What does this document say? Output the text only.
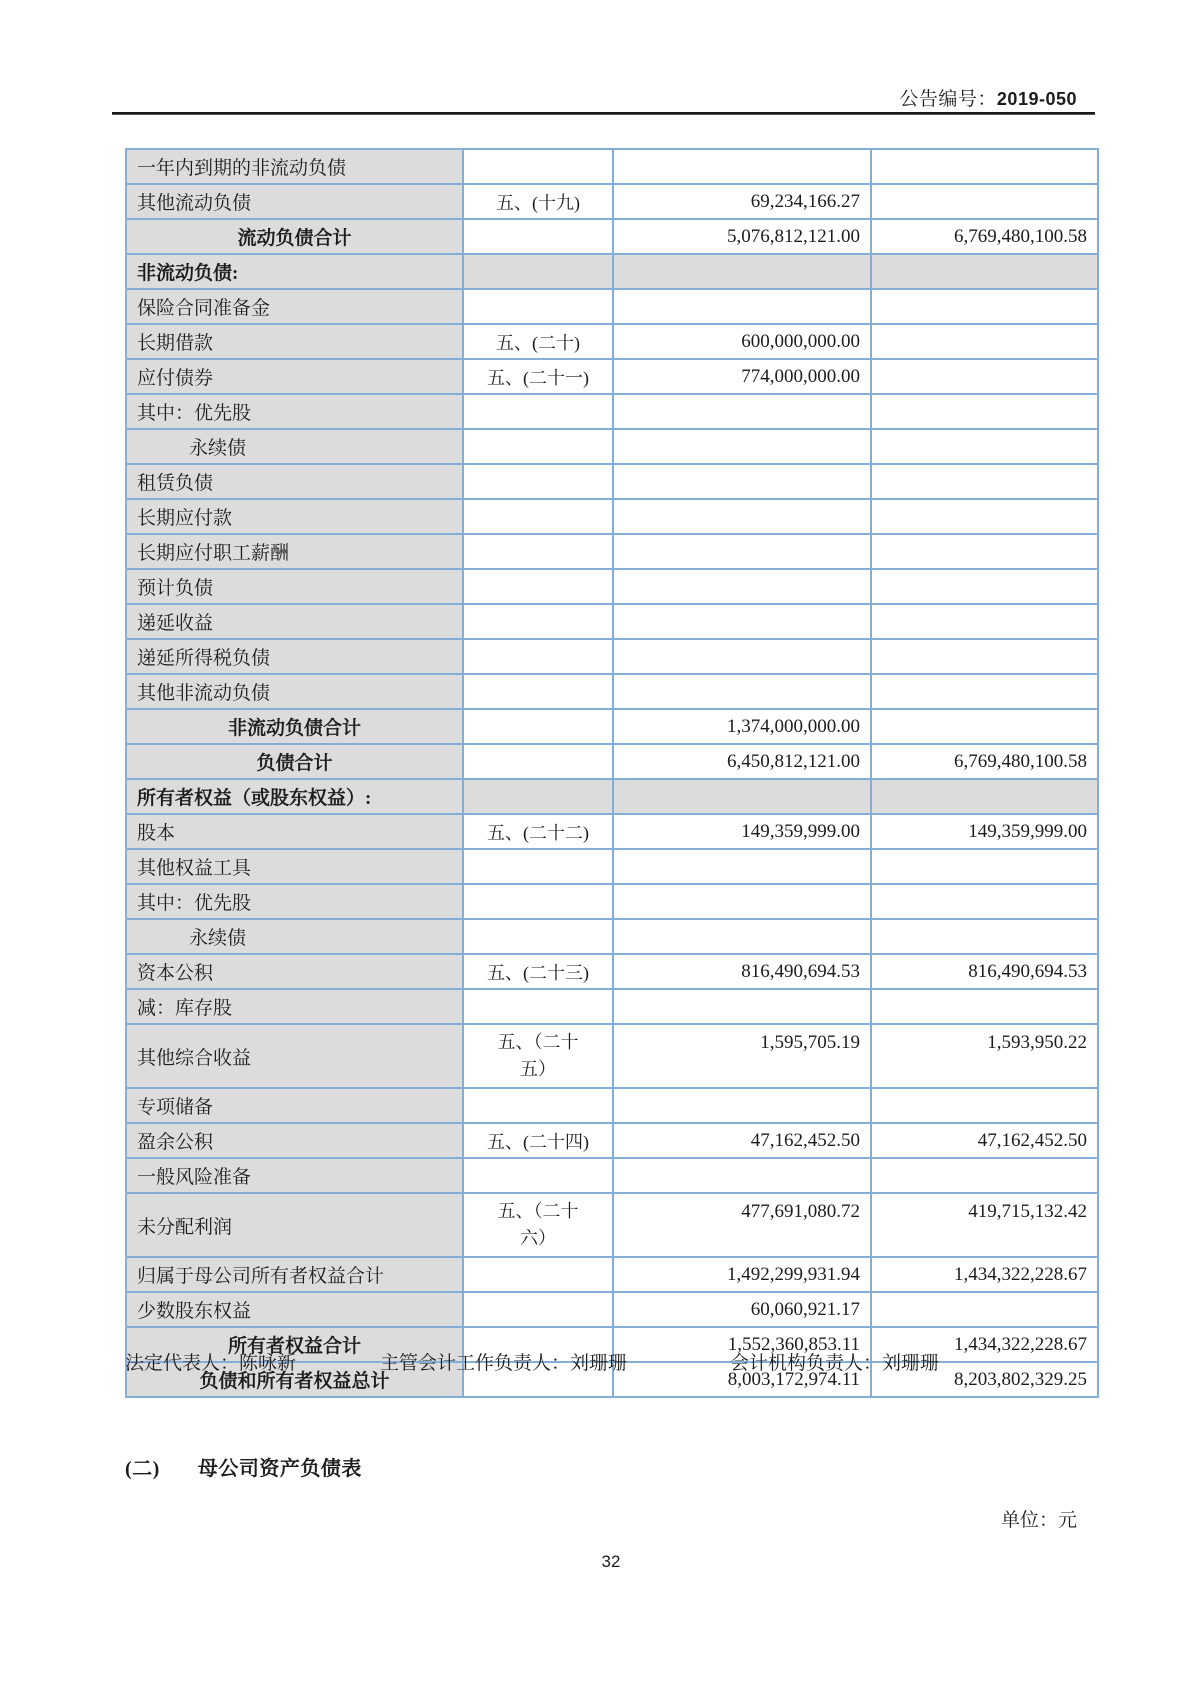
公告编号：2019-050
一年内到期的非流动负债			
其他流动负债	五、(十九)	69,234,166.27	
流动负债合计		5,076,812,121.00	6,769,480,100.58
非流动负债:			
保险合同准备金			
长期借款	五、(二十)	600,000,000.00	
应付债券	五、(二十一)	774,000,000.00	
其中：优先股			
永续债			
租赁负债			
长期应付款			
长期应付职工薪酬			
预计负债			
递延收益			
递延所得税负债			
其他非流动负债			
非流动负债合计		1,374,000,000.00	
负债合计		6,450,812,121.00	6,769,480,100.58
所有者权益（或股东权益）:			
股本	五、(二十二)	149,359,999.00	149,359,999.00
其他权益工具			
其中：优先股			
永续债			
资本公积	五、(二十三)	816,490,694.53	816,490,694.53
减：库存股			
其他综合收益	五、（二十五）	1,595,705.19	1,593,950.22
专项储备			
盈余公积	五、(二十四)	47,162,452.50	47,162,452.50
一般风险准备			
未分配利润	五、（二十六）	477,691,080.72	419,715,132.42
归属于母公司所有者权益合计		1,492,299,931.94	1,434,322,228.67
少数股东权益		60,060,921.17	
所有者权益合计		1,552,360,853.11	1,434,322,228.67
负债和所有者权益总计		8,003,172,974.11	8,203,802,329.25
法定代表人：陈咏新	主管会计工作负责人：刘珊珊	会计机构负责人：刘珊珊
(二) 母公司资产负债表
单位：元
32
